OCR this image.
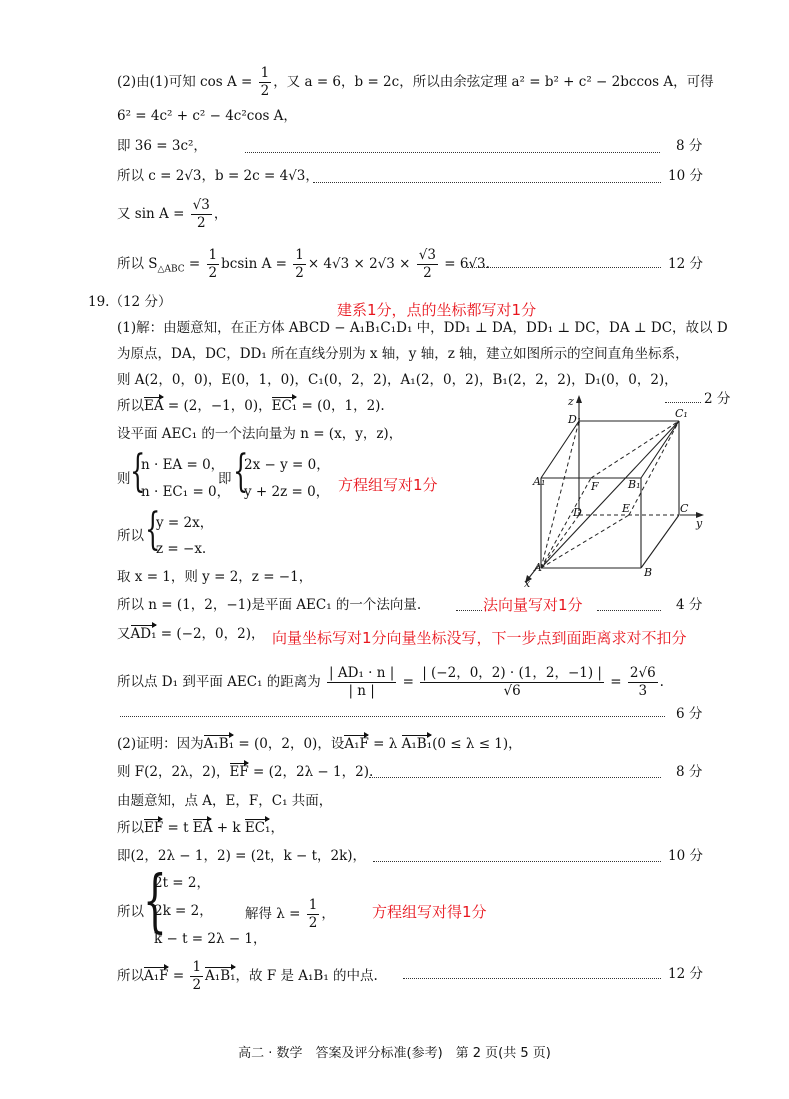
(2)由(1)可知 $\cos A = \frac{1}{2}$ ，又 a = 6，b = 2c，所以由余弦定理 a² = b² + c² − 2bccos A，可得
6² = 4c² + c² − 4c²cos A，
即 36 = 3c²，	8 分
所以 c = 2√3，b = 2c = 4√3，	10 分
又 $\sin A = \frac{√3}{2}$ ，
所以 $S_{\triangle ABC} = \frac{1}{2}$ bcsin $A = \frac{1}{2} \times 4√3 \times 2√3 \times \frac{√3}{2} = 6√3$.	12 分
19.（12 分）	建系1分，点的坐标都写对1分
(1)解：由题意知，在正方体 ABCD − A₁B₁C₁D₁ 中，DD₁ ⊥ DA，DD₁ ⊥ DC，DA ⊥ DC，故以 D
为原点，DA，DC，DD₁ 所在直线分别为 x 轴，y 轴，z 轴，建立如图所示的空间直角坐标系，
则 A(2，0，0)，E(0，1，0)，C₁(0，2，2)，A₁(2，0，2)，B₁(2，2，2)，D₁(0，0，2)，
所以EA = (2，−1，0)，EC₁ = (0，1，2).	2 分
设平面 AEC₁ 的一个法向量为 n = (x，y，z)，
则 {
n · EA = 0，
n · EC₁ = 0，
即 {
2x − y = 0，
y + 2z = 0， 方程组写对1分
所以 {
y = 2x，
z = −x.
取 x = 1，则 y = 2，z = −1，
所以 n = (1，2，−1)是平面 AEC₁ 的一个法向量.	法向量写对1分	4 分
又AD₁ = (−2，0，2)， 向量坐标写对1分向量坐标没写，下一步点到面距离求对不扣分
所以点 D₁ 到平面 AEC₁ 的距离为 $\frac{\text{| AD₁ · n |}}{| n |} = \frac{| (-2,0,2) \cdot (1,2,-1) |}{√6} = \frac{2√6}{3}$ .
6 分
(2)证明：因为A₁B₁ = (0，2，0)，设A₁F = λ A₁B₁(0 ≤ λ ≤ 1)，
则 F(2，2λ，2)，EF = (2，2λ − 1，2).	8 分
由题意知，点 A，E，F，C₁ 共面，
所以EF = t EA + k EC₁，
即(2，2λ − 1，2) = (2t，k − t，2k)，	10 分
所以 {
2t = 2，
2k = 2，
k − t = 2λ − 1，
解得 $\lambda = \frac{1}{2}$ ， 方程组写对得1分
所以$A_1F = \frac{1}{2} A_1B_1$，故 F 是 A₁B₁ 的中点.	12 分
z
y
x
D₁	C₁
A₁	B₁
F
D	E	C
A	B
高二 · 数学　答案及评分标准(参考)　第 2 页(共 5 页)
